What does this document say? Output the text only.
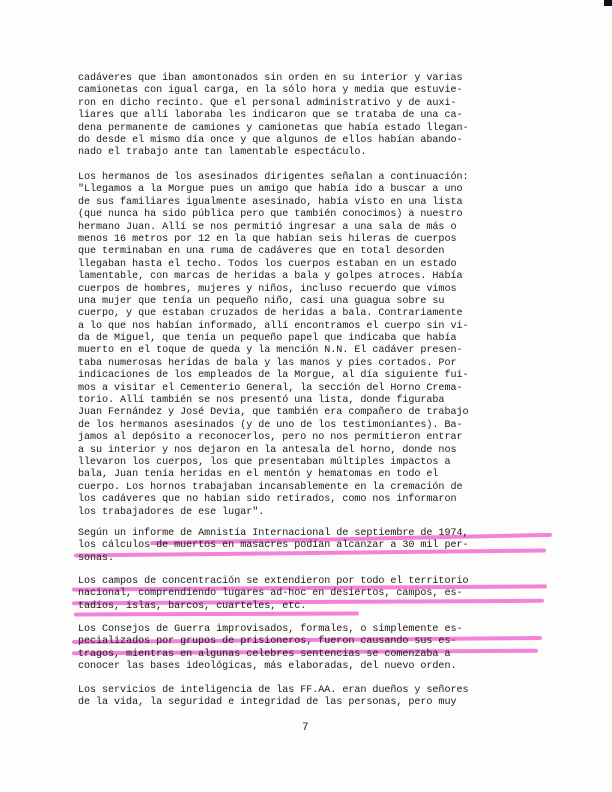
cadáveres que iban amontonados sin orden en su interior y varias
camionetas con igual carga, en la sólo hora y media que estuvie-
ron en dicho recinto. Que el personal administrativo y de auxi-
liares que allí laboraba les indicaron que se trataba de una ca-
dena permanente de camiones y camionetas que había estado llegan-
do desde el mismo día once y que algunos de ellos habían abando-
nado el trabajo ante tan lamentable espectáculo.
Los hermanos de los asesinados dirigentes señalan a continuación:
"Llegamos a la Morgue pues un amigo que había ido a buscar a uno
de sus familiares igualmente asesinado, había visto en una lista
(que nunca ha sido pública pero que también conocimos) a nuestro
hermano Juan. Allí se nos permitió ingresar a una sala de más o
menos 16 metros por 12 en la que habían seis hileras de cuerpos
que terminaban en una ruma de cadáveres que en total desorden
llegaban hasta el techo. Todos los cuerpos estaban en un estado
lamentable, con marcas de heridas a bala y golpes atroces. Había
cuerpos de hombres, mujeres y niños, incluso recuerdo que vimos
una mujer que tenía un pequeño niño, casi una guagua sobre su
cuerpo, y que estaban cruzados de heridas a bala. Contrariamente
a lo que nos habían informado, allí encontramos el cuerpo sin vi-
da de Miguel, que tenía un pequeño papel que indicaba que había
muerto en el toque de queda y la mención N.N. El cadáver presen-
taba numerosas heridas de bala y las manos y pies cortados. Por
indicaciones de los empleados de la Morgue, al día siguiente fui-
mos a visitar el Cementerio General, la sección del Horno Crema-
torio. Allí también se nos presentó una lista, donde figuraba
Juan Fernández y José Devia, que también era compañero de trabajo
de los hermanos asesinados (y de uno de los testimoniantes). Ba-
jamos al depósito a reconocerlos, pero no nos permitieron entrar
a su interior y nos dejaron en la antesala del horno, donde nos
llevaron los cuerpos, los que presentaban múltiples impactos a
bala, Juan tenía heridas en el mentón y hematomas en todo el
cuerpo. Los hornos trabajaban incansablemente en la cremación de
los cadáveres que no habían sido retirados, como nos informaron
los trabajadores de ese lugar".
Según un informe de Amnistía Internacional de septiembre de 1974,
los cálculos de muertos en masacres podían alcanzar a 30 mil per-
sonas.
Los campos de concentración se extendieron por todo el territorio
nacional, comprendiendo lugares ad-hoc en desiertos, campos, es-
tadios, islas, barcos, cuarteles, etc.
Los Consejos de Guerra improvisados, formales, o simplemente es-
pecializados por grupos de prisioneros, fueron causando sus es-
tragos, mientras en algunas celebres sentencias se comenzaba a
conocer las bases ideológicas, más elaboradas, del nuevo orden.
Los servicios de inteligencia de las FF.AA. eran dueños y señores
de la vida, la seguridad e integridad de las personas, pero muy
7
